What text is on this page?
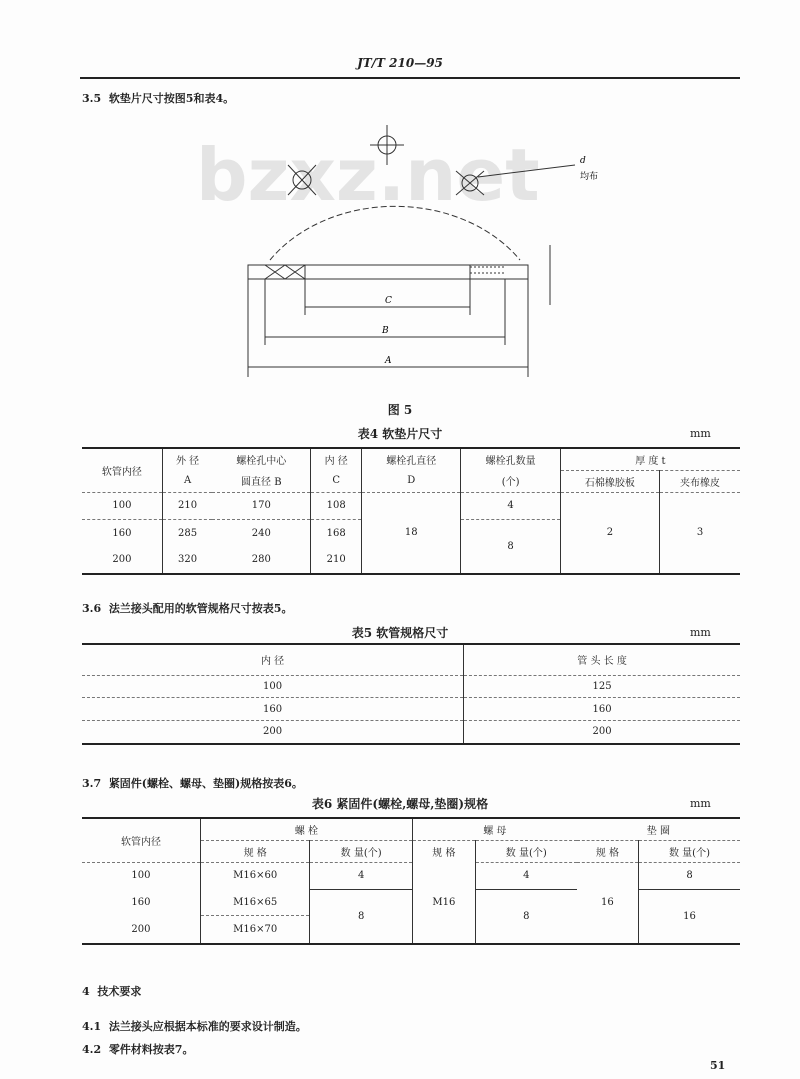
JT/T 210—95
bzxz.net
3.5 软垫片尺寸按图5和表4。
C
B
A
d
均布
图 5
表4 软垫片尺寸	mm
软管内径	外 径	螺栓孔中心	内 径	螺栓孔直径	螺栓孔数量	厚 度 t	
	A	圆直径 B	C	D	(个)	石棉橡胶板	夹布橡皮
100	210	170	108	18	4	2	3
160	285	240	168		8		
200	320	280	210				
3.6 法兰接头配用的软管规格尺寸按表5。
表5 软管规格尺寸	mm
内 径	管 头 长 度
100	125
160	160
200	200
3.7 紧固件(螺栓、螺母、垫圈)规格按表6。
表6 紧固件(螺栓,螺母,垫圈)规格	mm
软管内径	螺 栓		螺 母		垫 圈	
	规 格	数 量(个)	规 格	数 量(个)	规 格	数 量(个)
100	M16×60	4	M16	4	16	8
160	M16×65	8		8		16
200	M16×70					
4 技术要求
4.1 法兰接头应根据本标准的要求设计制造。
4.2 零件材料按表7。
51
